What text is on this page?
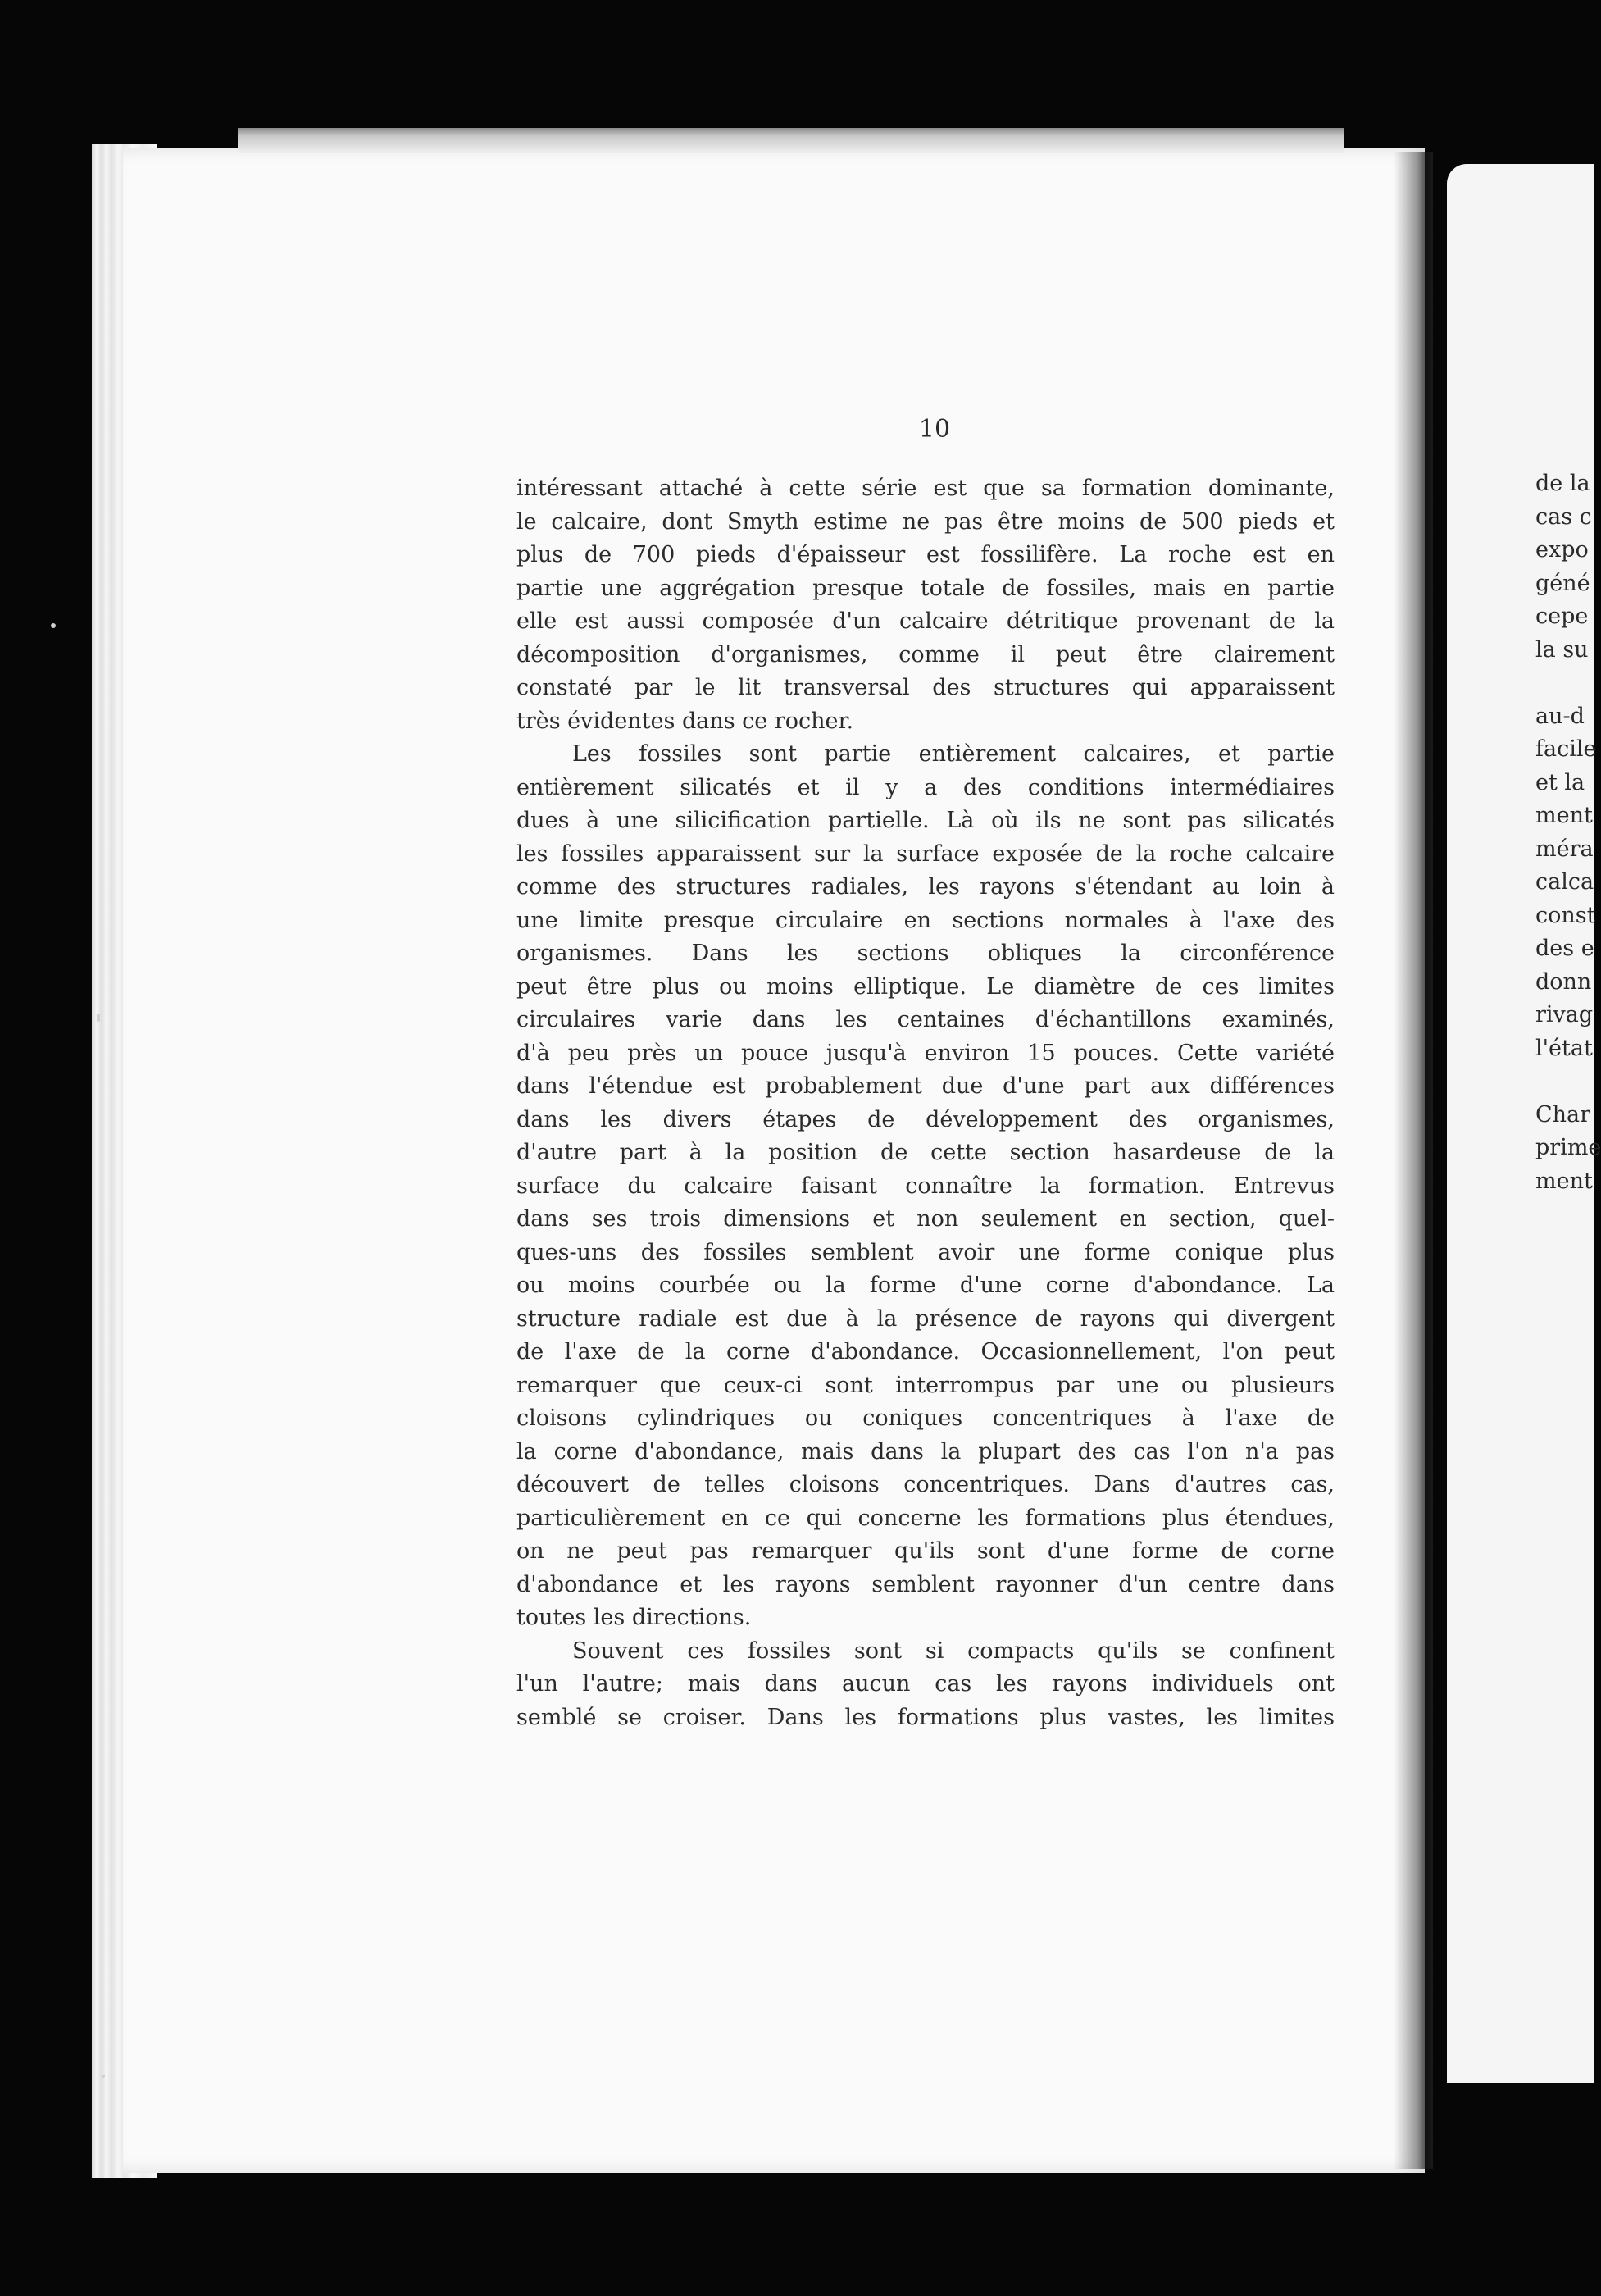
10
intéressant attaché à cette série est que sa formation dominante,
le calcaire, dont Smyth estime ne pas être moins de 500 pieds et
plus de 700 pieds d'épaisseur est fossilifère. La roche est en
partie une aggrégation presque totale de fossiles, mais en partie
elle est aussi composée d'un calcaire détritique provenant de la
décomposition d'organismes, comme il peut être clairement
constaté par le lit transversal des structures qui apparaissent
très évidentes dans ce rocher.
Les fossiles sont partie entièrement calcaires, et partie
entièrement silicatés et il y a des conditions intermédiaires
dues à une silicification partielle. Là où ils ne sont pas silicatés
les fossiles apparaissent sur la surface exposée de la roche calcaire
comme des structures radiales, les rayons s'étendant au loin à
une limite presque circulaire en sections normales à l'axe des
organismes. Dans les sections obliques la circonférence
peut être plus ou moins elliptique. Le diamètre de ces limites
circulaires varie dans les centaines d'échantillons examinés,
d'à peu près un pouce jusqu'à environ 15 pouces. Cette variété
dans l'étendue est probablement due d'une part aux différences
dans les divers étapes de développement des organismes,
d'autre part à la position de cette section hasardeuse de la
surface du calcaire faisant connaître la formation. Entrevus
dans ses trois dimensions et non seulement en section, quel-
ques-uns des fossiles semblent avoir une forme conique plus
ou moins courbée ou la forme d'une corne d'abondance. La
structure radiale est due à la présence de rayons qui divergent
de l'axe de la corne d'abondance. Occasionnellement, l'on peut
remarquer que ceux-ci sont interrompus par une ou plusieurs
cloisons cylindriques ou coniques concentriques à l'axe de
la corne d'abondance, mais dans la plupart des cas l'on n'a pas
découvert de telles cloisons concentriques. Dans d'autres cas,
particulièrement en ce qui concerne les formations plus étendues,
on ne peut pas remarquer qu'ils sont d'une forme de corne
d'abondance et les rayons semblent rayonner d'un centre dans
toutes les directions.
Souvent ces fossiles sont si compacts qu'ils se confinent
l'un l'autre; mais dans aucun cas les rayons individuels ont
semblé se croiser. Dans les formations plus vastes, les limites
de la
cas c
expo
géné
cepe
la su
au-d
facile
et la
ment
méra
calca
const
des e
donn
rivag
l'état
Char
prime
ment
